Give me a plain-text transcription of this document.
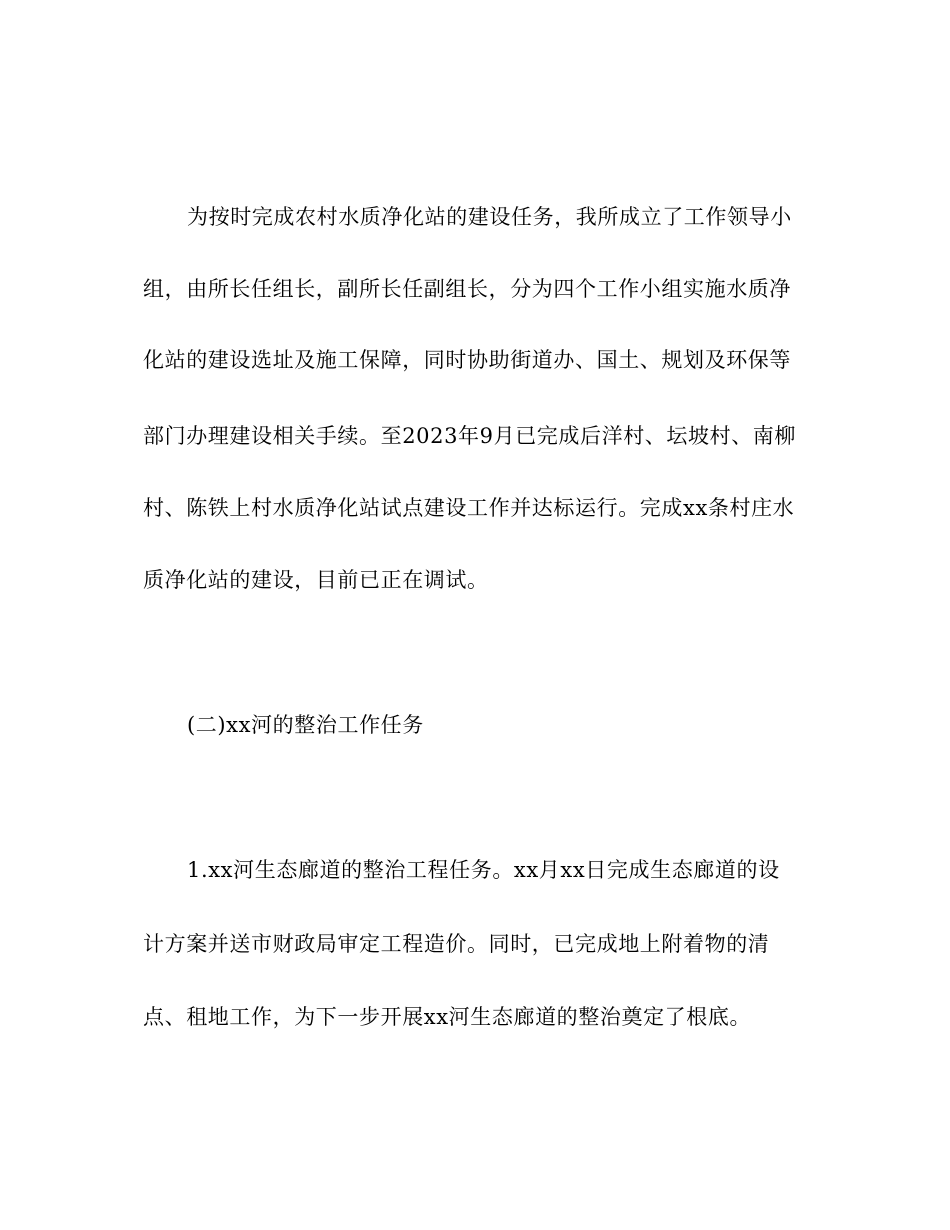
为按时完成农村水质净化站的建设任务，我所成立了工作领导小
组，由所长任组长，副所长任副组长，分为四个工作小组实施水质净
化站的建设选址及施工保障，同时协助街道办、国土、规划及环保等
部门办理建设相关手续。至2023年9月已完成后洋村、坛坡村、南柳
村、陈铁上村水质净化站试点建设工作并达标运行。完成xx条村庄水
质净化站的建设，目前已正在调试。
(二)xx河的整治工作任务
1.xx河生态廊道的整治工程任务。xx月xx日完成生态廊道的设
计方案并送市财政局审定工程造价。同时，已完成地上附着物的清
点、租地工作，为下一步开展xx河生态廊道的整治奠定了根底。
